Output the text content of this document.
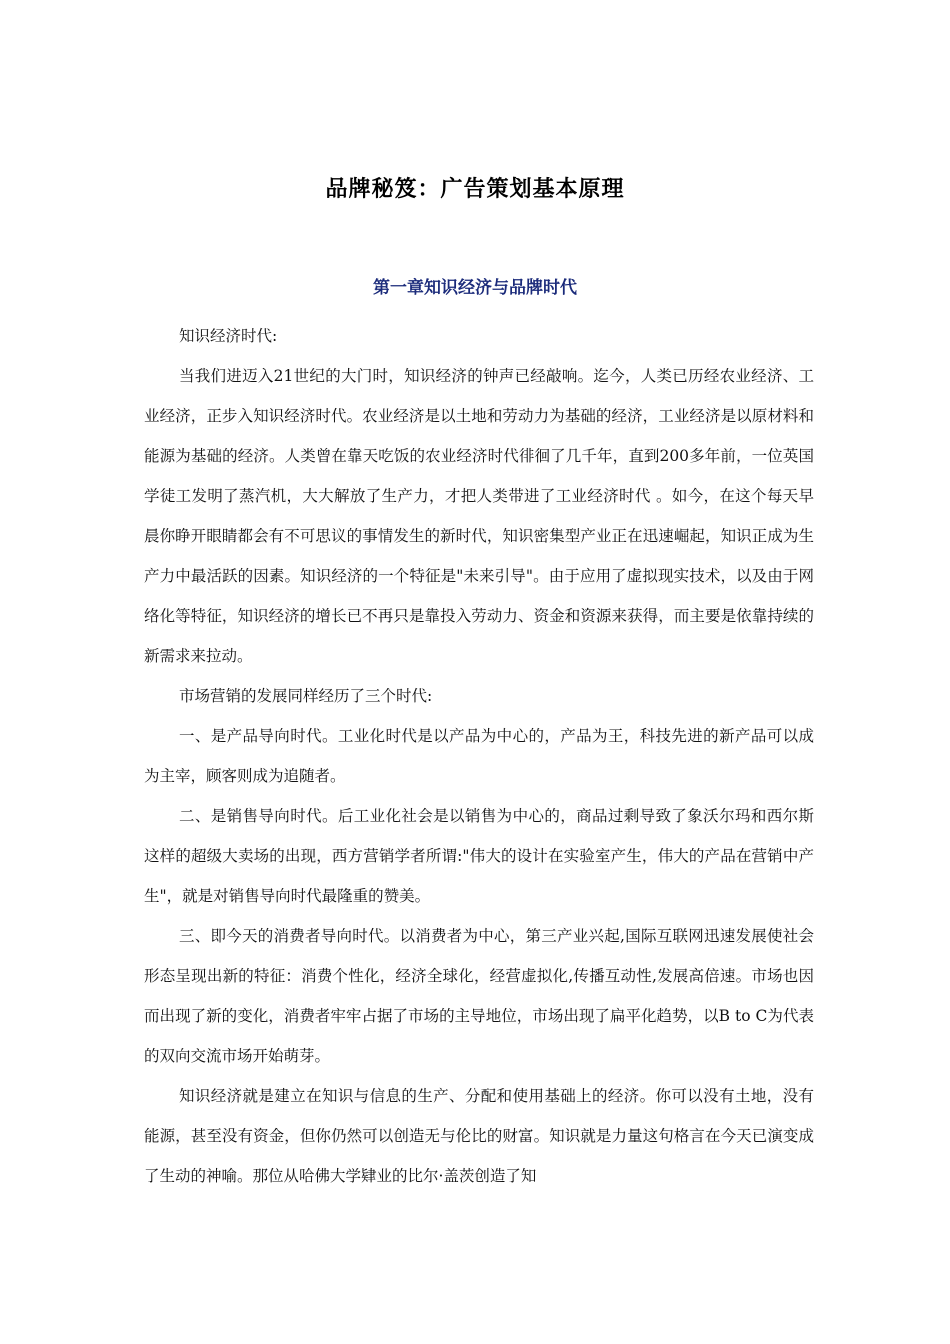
品牌秘笈：广告策划基本原理
第一章知识经济与品牌时代

知识经济时代:

当我们进迈入21世纪的大门时，知识经济的钟声已经敲响。迄今，人类已历经农业经济、工业经济，正步入知识经济时代。农业经济是以土地和劳动力为基础的经济，工业经济是以原材料和能源为基础的经济。人类曾在靠天吃饭的农业经济时代徘徊了几千年，直到200多年前，一位英国学徒工发明了蒸汽机，大大解放了生产力，才把人类带进了工业经济时代 。如今，在这个每天早晨你睁开眼睛都会有不可思议的事情发生的新时代，知识密集型产业正在迅速崛起，知识正成为生产力中最活跃的因素。知识经济的一个特征是"未来引导"。由于应用了虚拟现实技术，以及由于网络化等特征，知识经济的增长已不再只是靠投入劳动力、资金和资源来获得，而主要是依靠持续的新需求来拉动。

市场营销的发展同样经历了三个时代:

一、是产品导向时代。工业化时代是以产品为中心的，产品为王，科技先进的新产品可以成为主宰，顾客则成为追随者。

二、是销售导向时代。后工业化社会是以销售为中心的，商品过剩导致了象沃尔玛和西尔斯这样的超级大卖场的出现，西方营销学者所谓:"伟大的设计在实验室产生，伟大的产品在营销中产生"，就是对销售导向时代最隆重的赞美。

三、即今天的消费者导向时代。以消费者为中心，第三产业兴起,国际互联网迅速发展使社会形态呈现出新的特征：消费个性化，经济全球化，经营虚拟化,传播互动性,发展高倍速。市场也因而出现了新的变化，消费者牢牢占据了市场的主导地位，市场出现了扁平化趋势，以B to C为代表的双向交流市场开始萌芽。

知识经济就是建立在知识与信息的生产、分配和使用基础上的经济。你可以没有土地，没有能源，甚至没有资金，但你仍然可以创造无与伦比的财富。知识就是力量这句格言在今天已演变成了生动的神喻。那位从哈佛大学肄业的比尔·盖茨创造了知
